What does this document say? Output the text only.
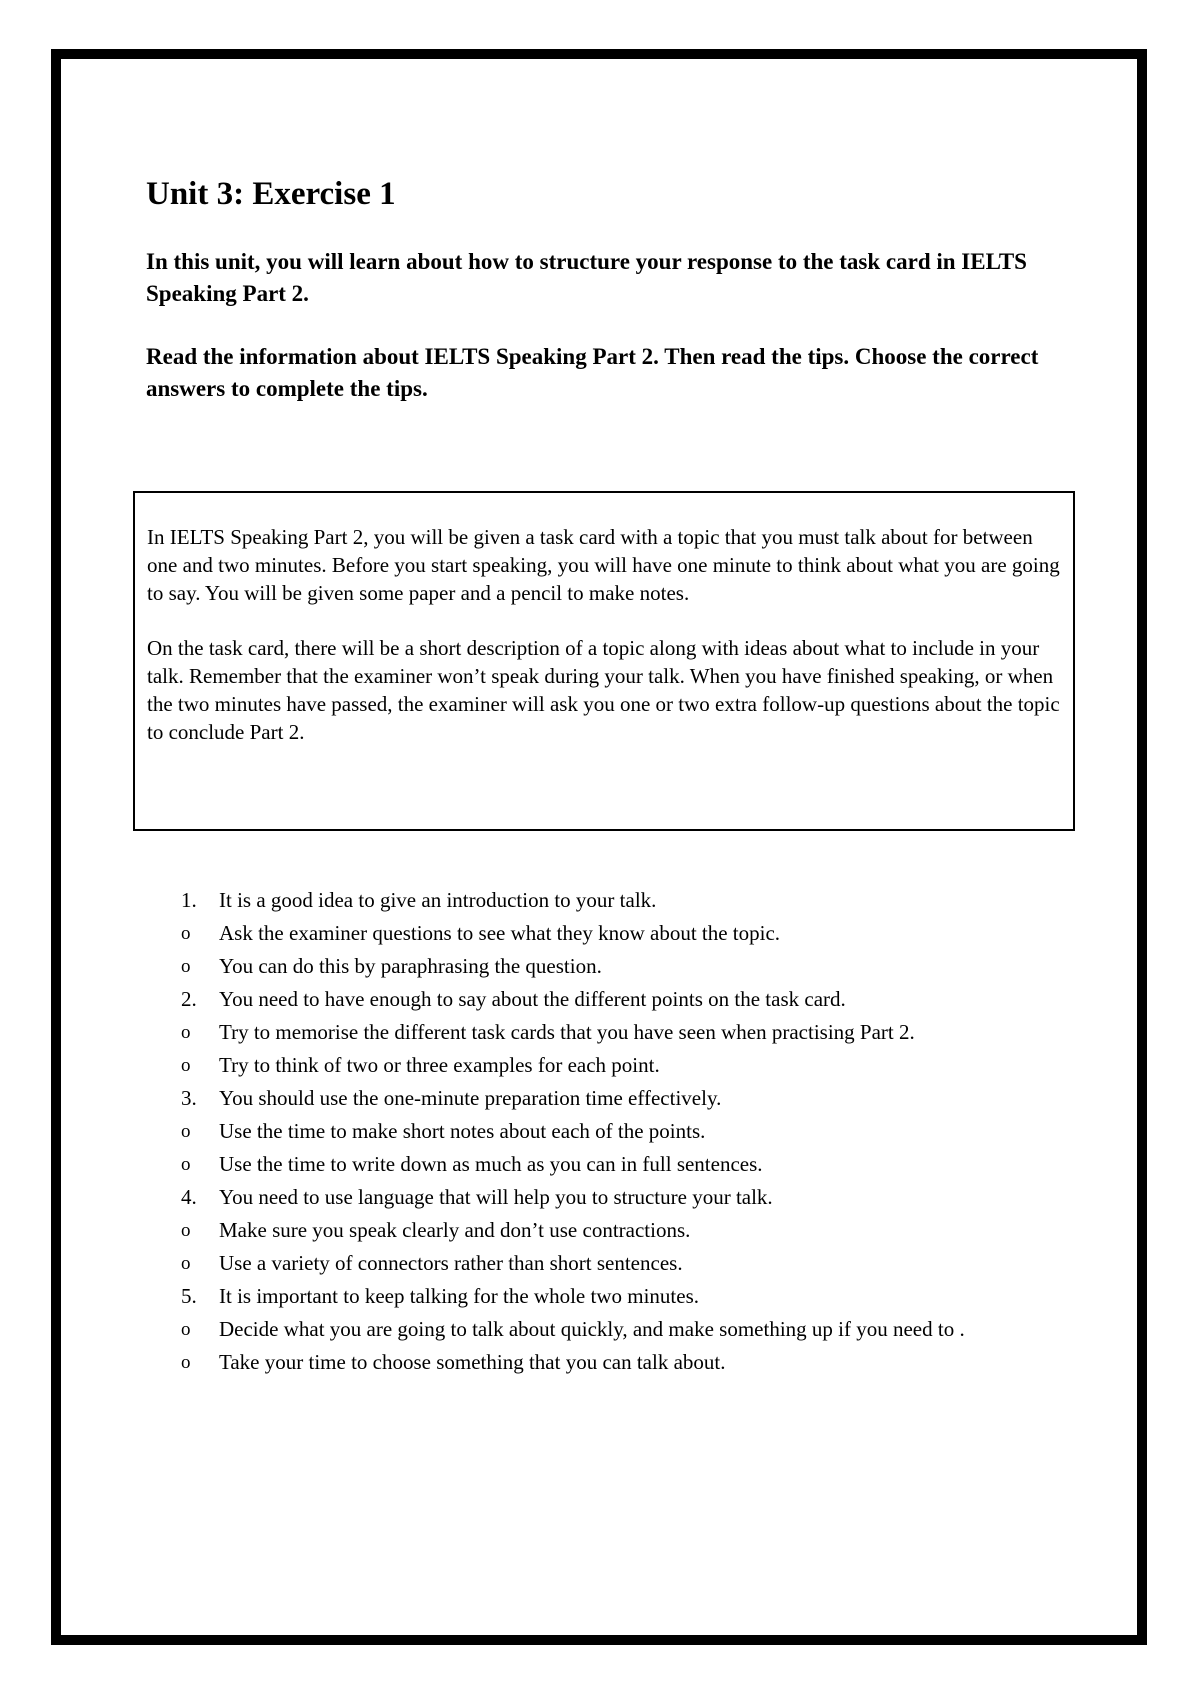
Unit 3: Exercise 1

In this unit, you will learn about how to structure your response to the task card in IELTS Speaking Part 2.

Read the information about IELTS Speaking Part 2. Then read the tips. Choose the correct answers to complete the tips.

In IELTS Speaking Part 2, you will be given a task card with a topic that you must talk about for between one and two minutes. Before you start speaking, you will have one minute to think about what you are going to say. You will be given some paper and a pencil to make notes.

On the task card, there will be a short description of a topic along with ideas about what to include in your talk. Remember that the examiner won’t speak during your talk. When you have finished speaking, or when the two minutes have passed, the examiner will ask you one or two extra follow-up questions about the topic to conclude Part 2.

1. It is a good idea to give an introduction to your talk.
o Ask the examiner questions to see what they know about the topic.
o You can do this by paraphrasing the question.
2. You need to have enough to say about the different points on the task card.
o Try to memorise the different task cards that you have seen when practising Part 2.
o Try to think of two or three examples for each point.
3. You should use the one-minute preparation time effectively.
o Use the time to make short notes about each of the points.
o Use the time to write down as much as you can in full sentences.
4. You need to use language that will help you to structure your talk.
o Make sure you speak clearly and don’t use contractions.
o Use a variety of connectors rather than short sentences.
5. It is important to keep talking for the whole two minutes.
o Decide what you are going to talk about quickly, and make something up if you need to .
o Take your time to choose something that you can talk about.
